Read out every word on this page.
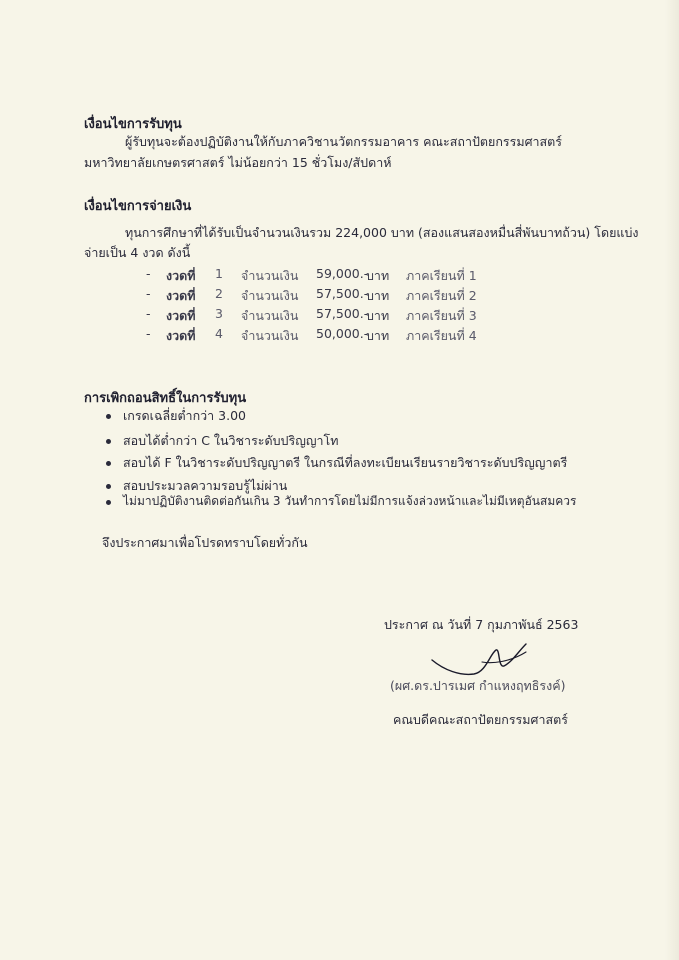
เงื่อนไขการรับทุน
ผู้รับทุนจะต้องปฏิบัติงานให้กับภาควิชานวัตกรรมอาคาร คณะสถาปัตยกรรมศาสตร์
มหาวิทยาลัยเกษตรศาสตร์ ไม่น้อยกว่า 15 ชั่วโมง/สัปดาห์
เงื่อนไขการจ่ายเงิน
ทุนการศึกษาที่ได้รับเป็นจำนวนเงินรวม 224,000 บาท (สองแสนสองหมื่นสี่พันบาทถ้วน) โดยแบ่ง
จ่ายเป็น 4 งวด ดังนี้
- งวดที่ 1 จำนวนเงิน 59,000.-
บาท ภาคเรียนที่ 1
- งวดที่ 2 จำนวนเงิน 57,500.-
บาท ภาคเรียนที่ 2
- งวดที่ 3 จำนวนเงิน 57,500.-
บาท ภาคเรียนที่ 3
- งวดที่ 4 จำนวนเงิน 50,000.-
บาท ภาคเรียนที่ 4
การเพิกถอนสิทธิ์ในการรับทุน
เกรดเฉลี่ยต่ำกว่า 3.00
สอบได้ต่ำกว่า C ในวิชาระดับปริญญาโท
สอบได้ F ในวิชาระดับปริญญาตรี ในกรณีที่ลงทะเบียนเรียนรายวิชาระดับปริญญาตรี
สอบประมวลความรอบรู้ไม่ผ่าน
ไม่มาปฏิบัติงานติดต่อกันเกิน 3 วันทำการโดยไม่มีการแจ้งล่วงหน้าและไม่มีเหตุอันสมควร
จึงประกาศมาเพื่อโปรดทราบโดยทั่วกัน
ประกาศ ณ วันที่ 7 กุมภาพันธ์ 2563
(ผศ.ดร.ปารเมศ กำแหงฤทธิรงค์)
คณบดีคณะสถาปัตยกรรมศาสตร์
